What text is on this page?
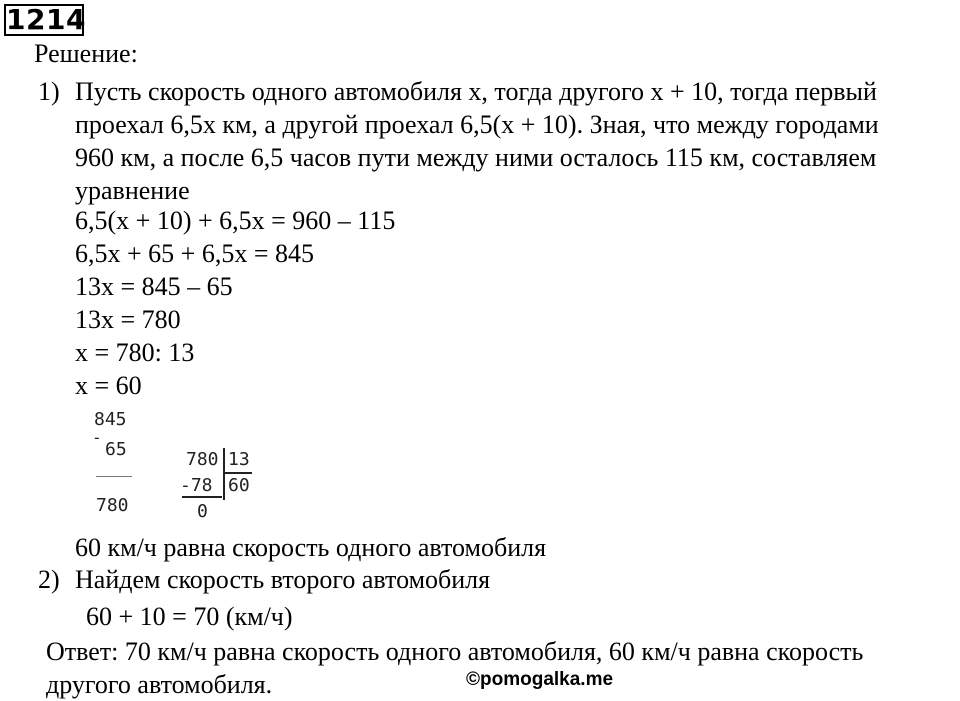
1214
Решение:
1) Пусть скорость одного автомобиля x, тогда другого x + 10, тогда первый
проехал 6,5x км, а другой проехал 6,5(x + 10). Зная, что между городами
960 км, а после 6,5 часов пути между ними осталось 115 км, составляем
уравнение
6,5(x + 10) + 6,5x = 960 – 115
6,5x + 65 + 6,5x = 845
13x = 845 – 65
13x = 780
x = 780: 13
x = 60
845
-
65
780
780 13
-78 60
0
60 км/ч равна скорость одного автомобиля
2) Найдем скорость второго автомобиля
60 + 10 = 70 (км/ч)
Ответ: 70 км/ч равна скорость одного автомобиля, 60 км/ч равна скорость
другого автомобиля.	©pomogalka.me
